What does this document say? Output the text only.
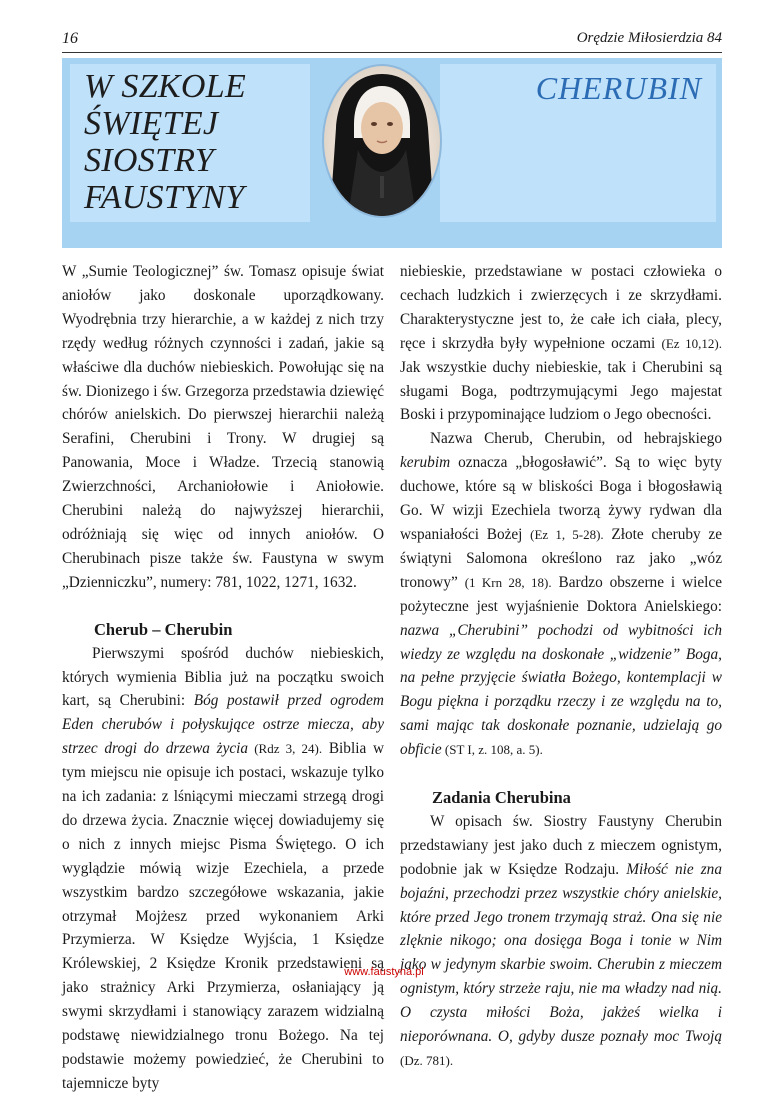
16	Orędzie Miłosierdzia 84
W SZKOLE
ŚWIĘTEJ
SIOSTRY
FAUSTYNY
CHERUBIN

W „Sumie Teologicznej” św. Tomasz opisuje świat aniołów jako doskonale uporządkowany. Wyodrębnia trzy hierarchie, a w każdej z nich trzy rzędy według różnych czynności i zadań, jakie są właściwe dla duchów niebieskich. Powołując się na św. Dionizego i św. Grzegorza przedstawia dziewięć chórów anielskich. Do pierwszej hierarchii należą Serafini, Cherubini i Trony. W drugiej są Panowania, Moce i Władze. Trzecią stanowią Zwierzchności, Archaniołowie i Aniołowie. Cherubini należą do najwyższej hierarchii, odróżniają się więc od innych aniołów. O Cherubinach pisze także św. Faustyna w swym „Dzienniczku”, numery: 781, 1022, 1271, 1632.

Cherub – Cherubin

Pierwszymi spośród duchów niebieskich, których wymienia Biblia już na początku swoich kart, są Cherubini: Bóg postawił przed ogrodem Eden cherubów i połyskujące ostrze miecza, aby strzec drogi do drzewa życia (Rdz 3, 24). Biblia w tym miejscu nie opisuje ich postaci, wskazuje tylko na ich zadania: z lśniącymi mieczami strzegą drogi do drzewa życia. Znacznie więcej dowiadujemy się o nich z innych miejsc Pisma Świętego. O ich wyglądzie mówią wizje Ezechiela, a przede wszystkim bardzo szczegółowe wskazania, jakie otrzymał Mojżesz przed wykonaniem Arki Przymierza. W Księdze Wyjścia, 1 Księdze Królewskiej, 2 Księdze Kronik przedstawieni są jako strażnicy Arki Przymierza, osłaniający ją swymi skrzydłami i stanowiący zarazem widzialną podstawę niewidzialnego tronu Bożego. Na tej podstawie możemy powiedzieć, że Cherubini to tajemnicze byty

niebieskie, przedstawiane w postaci człowieka o cechach ludzkich i zwierzęcych i ze skrzydłami. Charakterystyczne jest to, że całe ich ciała, plecy, ręce i skrzydła były wypełnione oczami (Ez 10,12). Jak wszystkie duchy niebieskie, tak i Cherubini są sługami Boga, podtrzymującymi Jego majestat Boski i przypominające ludziom o Jego obecności.

Nazwa Cherub, Cherubin, od hebrajskiego kerubim oznacza „błogosławić”. Są to więc byty duchowe, które są w bliskości Boga i błogosławią Go. W wizji Ezechiela tworzą żywy rydwan dla wspaniałości Bożej (Ez 1, 5-28). Złote cheruby ze świątyni Salomona określono raz jako „wóz tronowy” (1 Krn 28, 18). Bardzo obszerne i wielce pożyteczne jest wyjaśnienie Doktora Anielskiego: nazwa „Cherubini” pochodzi od wybitności ich wiedzy ze względu na doskonałe „widzenie” Boga, na pełne przyjęcie światła Bożego, kontemplacji w Bogu piękna i porządku rzeczy i ze względu na to, sami mając tak doskonałe poznanie, udzielają go obficie (ST I, z. 108, a. 5).

Zadania Cherubina

W opisach św. Siostry Faustyny Cherubin przedstawiany jest jako duch z mieczem ognistym, podobnie jak w Księdze Rodzaju. Miłość nie zna bojaźni, przechodzi przez wszystkie chóry anielskie, które przed Jego tronem trzymają straż. Ona się nie zlęknie nikogo; ona dosięga Boga i tonie w Nim jako w jedynym skarbie swoim. Cherubin z mieczem ognistym, który strzeże raju, nie ma władzy nad nią. O czysta miłości Boża, jakżeś wielka i nieporównana. O, gdyby dusze poznały moc Twoją (Dz. 781).

www.faustyna.pl
